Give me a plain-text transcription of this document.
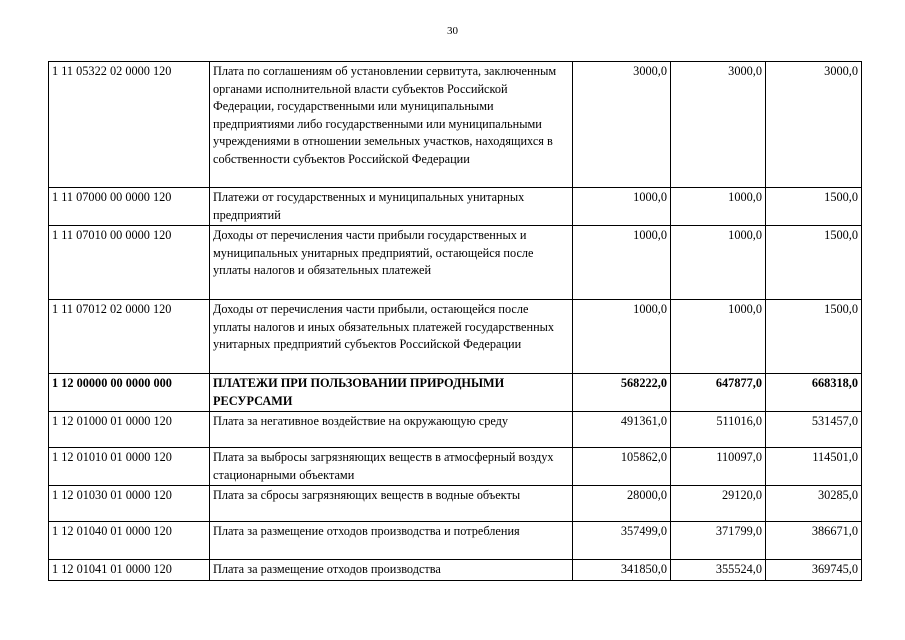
30
1 11 05322 02 0000 120	Плата по соглашениям об установлении сервитута, заключенным органами исполнительной власти субъектов Российской Федерации, государственными или муниципальными предприятиями либо государственными или муниципальными учреждениями в отношении земельных участков, находящихся в собственности субъектов Российской Федерации	3000,0	3000,0	3000,0
1 11 07000 00 0000 120	Платежи от государственных и муниципальных унитарных предприятий	1000,0	1000,0	1500,0
1 11 07010 00 0000 120	Доходы от перечисления части прибыли государственных и муниципальных унитарных предприятий, остающейся после уплаты налогов и обязательных платежей	1000,0	1000,0	1500,0
1 11 07012 02 0000 120	Доходы от перечисления части прибыли, остающейся после уплаты налогов и иных обязательных платежей государственных унитарных предприятий субъектов Российской Федерации	1000,0	1000,0	1500,0
1 12 00000 00 0000 000	ПЛАТЕЖИ ПРИ ПОЛЬЗОВАНИИ ПРИРОДНЫМИ РЕСУРСАМИ	568222,0	647877,0	668318,0
1 12 01000 01 0000 120	Плата за негативное воздействие на окружающую среду	491361,0	511016,0	531457,0
1 12 01010 01 0000 120	Плата за выбросы загрязняющих веществ в атмосферный воздух стационарными объектами	105862,0	110097,0	114501,0
1 12 01030 01 0000 120	Плата за сбросы загрязняющих веществ в водные объекты	28000,0	29120,0	30285,0
1 12 01040 01 0000 120	Плата за размещение отходов производства и потребления	357499,0	371799,0	386671,0
1 12 01041 01 0000 120	Плата за размещение отходов производства	341850,0	355524,0	369745,0
